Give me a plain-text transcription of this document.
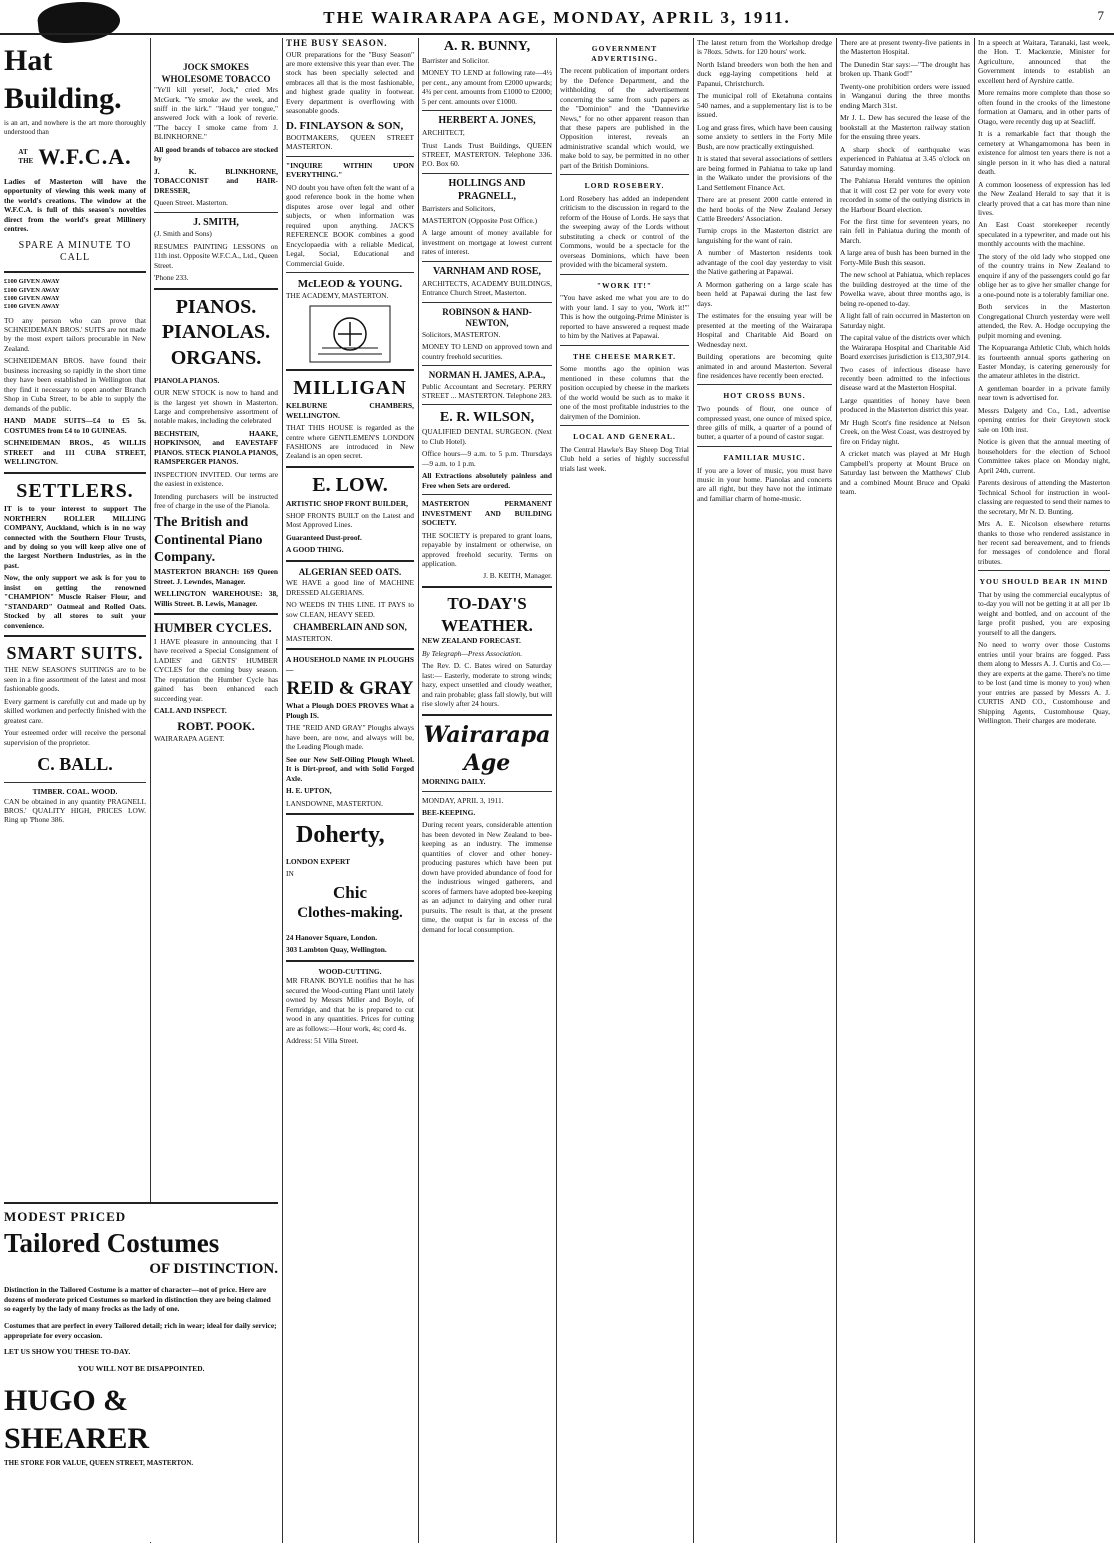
THE WAIRARAPA AGE, MONDAY, APRIL 3, 1911.	7
Hat Building.

is an art, and nowhere is the art more thoroughly understood than

AT THE W.F.C.A.

Ladies of Masterton will have the opportunity of viewing this week many of the world's creations. The window at the W.F.C.A. is full of this season's novelties direct from the world's great Millinery centres.

SPARE A MINUTE TO CALL
£100 GIVEN AWAY
£100 GIVEN AWAY
£100 GIVEN AWAY
£100 GIVEN AWAY

TO any person who can prove that SCHNEIDEMAN BROS.' SUITS are not made by the most expert tailors procurable in New Zealand.

SCHNEIDEMAN BROS. have found their business increasing so rapidly in the short time they have been established in Wellington that they find it necessary to open another Branch Shop in Cuba Street, to be able to supply the demands of the public.

HAND MADE SUITS—£4 to £5 5s. COSTUMES from £4 to 10 GUINEAS.

SCHNEIDEMAN BROS., 45 WILLIS STREET and 111 CUBA STREET, WELLINGTON.

SETTLERS.

IT is to your interest to support The NORTHERN ROLLER MILLING COMPANY, Auckland, which is in no way connected with the Southern Flour Trusts, and by doing so you will keep alive one of the largest Northern Industries, as in the past.

Now, the only support we ask is for you to insist on getting the renowned "CHAMPION" Muscle Raiser Flour, and "STANDARD" Oatmeal and Rolled Oats. Stocked by all stores to suit your convenience.

SMART SUITS.

THE NEW SEASON'S SUITINGS are to be seen in a fine assortment of the latest and most fashionable goods.

Every garment is carefully cut and made up by skilled workmen and perfectly finished with the greatest care.

Your esteemed order will receive the personal supervision of the proprietor.

C. BALL.
TIMBER. COAL. WOOD.

CAN be obtained in any quantity PRAGNELL BROS.' QUALITY HIGH, PRICES LOW. Ring up 'Phone 386.

MODEST PRICED
Tailored Costumes
OF DISTINCTION.

Distinction in the Tailored Costume is a matter of character—not of price. Here are dozens of moderate priced Costumes so marked in distinction they are being claimed so eagerly by the lady of many frocks as the lady of one.

Costumes that are perfect in every Tailored detail; rich in wear; ideal for daily service; appropriate for every occasion.

LET US SHOW YOU THESE TO-DAY.

YOU WILL NOT BE DISAPPOINTED.

HUGO & SHEARER
THE STORE FOR VALUE, QUEEN STREET, MASTERTON.
JOCK SMOKES WHOLESOME TOBACCO

"Ye'll kill yersel', Jock," cried Mrs McGurk. "Ye smoke aw the week, and sniff in the kirk." "Haud yer tongue," answered Jock with a look of reverie. "The baccy I smoke came from J. BLINKHORNE."

All good brands of tobacco are stocked by

J. K. BLINKHORNE, TOBACCONIST and HAIR-DRESSER,

Queen Street. Masterton.

J. SMITH,

(J. Smith and Sons)

RESUMES PAINTING LESSONS on 11th inst. Opposite W.F.C.A., Ltd., Queen Street.

'Phone 233.

PIANOS.
PIANOLAS.
ORGANS.

PIANOLA PIANOS.

OUR NEW STOCK is now to hand and is the largest yet shown in Masterton. Large and comprehensive assortment of notable makes, including the celebrated

BECHSTEIN, HAAKE, HOPKINSON, and EAVESTAFF PIANOS. STECK PIANOLA PIANOS, RAMSPERGER PIANOS.

INSPECTION INVITED. Our terms are the easiest in existence.

Intending purchasers will be instructed free of charge in the use of the Pianola.

The British and Continental Piano Company.

MASTERTON BRANCH: 169 Queen Street. J. Lewndes, Manager.

WELLINGTON WAREHOUSE: 38, Willis Street. B. Lewis, Manager.

HUMBER CYCLES.

I HAVE pleasure in announcing that I have received a Special Consignment of LADIES' and GENTS' HUMBER CYCLES for the coming busy season. The reputation the Humber Cycle has gained has been enhanced each succeeding year.

CALL AND INSPECT.

ROBT. POOK.

WAIRARAPA AGENT.

THE BUSY SEASON.

OUR preparations for the "Busy Season" are more extensive this year than ever. The stock has been specially selected and embraces all that is the most fashionable, and highest grade quality in footwear. Every department is overflowing with seasonable goods.

D. FINLAYSON & SON,

BOOTMAKERS, QUEEN STREET MASTERTON.

"INQUIRE WITHIN UPON EVERYTHING."

NO doubt you have often felt the want of a good reference book in the home when disputes arose over legal and other subjects, or when information was required upon anything. JACK'S REFERENCE BOOK combines a good Encyclopaedia with a reliable Medical, Legal, Social, Educational and Commercial Guide.

McLEOD & YOUNG.

THE ACADEMY, MASTERTON.

MILLIGAN

KELBURNE CHAMBERS, WELLINGTON.

THAT THIS HOUSE is regarded as the centre where GENTLEMEN'S LONDON FASHIONS are introduced in New Zealand is an open secret.

E. LOW.

ARTISTIC SHOP FRONT BUILDER,

SHOP FRONTS BUILT on the Latest and Most Approved Lines.

Guaranteed Dust-proof.

A GOOD THING.

ALGERIAN SEED OATS.

WE HAVE a good line of MACHINE DRESSED ALGERIANS.

NO WEEDS IN THIS LINE. IT PAYS to sow CLEAN, HEAVY SEED.

CHAMBERLAIN AND SON,

MASTERTON.

A HOUSEHOLD NAME IN PLOUGHS—

REID & GRAY

What a Plough DOES PROVES What a Plough IS.

THE "REID AND GRAY" Ploughs always have been, are now, and always will be, the Leading Plough made.

See our New Self-Oiling Plough Wheel. It is Dirt-proof, and with Solid Forged Axle.

H. E. UPTON,

LANSDOWNE, MASTERTON.

Doherty,

LONDON EXPERT

IN

Chic
Clothes-making.

24 Hanover Square, London.

303 Lambton Quay, Wellington.

WOOD-CUTTING.

MR FRANK BOYLE notifies that he has secured the Wood-cutting Plant until lately owned by Messrs Miller and Boyle, of Fernridge, and that he is prepared to cut wood in any quantities. Prices for cutting are as follows:—Hour work, 4s; cord 4s.

Address: 51 Villa Street.

A. R. BUNNY,

Barrister and Solicitor.

MONEY TO LEND at following rate—4½ per cent., any amount from £2000 upwards; 4¾ per cent. amounts from £1000 to £2000; 5 per cent. amounts over £1000.

HERBERT A. JONES,

ARCHITECT,

Trust Lands Trust Buildings, QUEEN STREET, MASTERTON. Telephone 336. P.O. Box 60.

HOLLINGS AND PRAGNELL,

Barristers and Solicitors,

MASTERTON (Opposite Post Office.)

A large amount of money available for investment on mortgage at lowest current rates of interest.

VARNHAM AND ROSE,

ARCHITECTS, ACADEMY BUILDINGS, Entrance Church Street, Masterton.

ROBINSON & HAND-NEWTON,

Solicitors, MASTERTON.

MONEY TO LEND on approved town and country freehold securities.

NORMAN H. JAMES, A.P.A.,

Public Accountant and Secretary. PERRY STREET ... MASTERTON. Telephone 283.

E. R. WILSON,

QUALIFIED DENTAL SURGEON. (Next to Club Hotel).

Office hours—9 a.m. to 5 p.m. Thursdays—9 a.m. to 1 p.m.

All Extractions absolutely painless and Free when Sets are ordered.

MASTERTON PERMANENT INVESTMENT AND BUILDING SOCIETY.

THE SOCIETY is prepared to grant loans, repayable by instalment or otherwise, on approved freehold security. Terms on application.

J. B. KEITH, Manager.

TO-DAY'S WEATHER.

NEW ZEALAND FORECAST.

By Telegraph—Press Association.

The Rev. D. C. Bates wired on Saturday last:— Easterly, moderate to strong winds; hazy, expect unsettled and cloudy weather, and rain probable; glass fall slowly, but will rise slowly after 24 hours.

Wairarapa Age

MORNING DAILY.

MONDAY, APRIL 3, 1911.

BEE-KEEPING.

During recent years, considerable attention has been devoted in New Zealand to bee-keeping as an industry. The immense quantities of clover and other honey-producing pastures which have been put down have provided abundance of food for the industrious winged gatherers, and scores of farmers have adopted bee-keeping as an adjunct to dairying and other rural pursuits. The result is that, at the present time, the output is far in excess of the demand for local consumption.

GOVERNMENT ADVERTISING.

The recent publication of important orders by the Defence Department, and the withholding of the advertisement concerning the same from such papers as the "Dominion" and the "Dannevirke News," for no other apparent reason than that these papers are published in the Opposition interest, reveals an administrative scandal which would, we make bold to say, be permitted in no other part of the British Dominions.

LORD ROSEBERY.

Lord Rosebery has added an independent criticism to the discussion in regard to the reform of the House of Lords. He says that the sweeping away of the Lords without substituting a check or control of the Commons, would be a spectacle for the overseas Dominions, which have been provided with the bicameral system.

"WORK IT!"

"You have asked me what you are to do with your land. I say to you, 'Work it!'" This is how the outgoing-Prime Minister is reported to have answered a request made to him by the Natives at Papawai.

THE CHEESE MARKET.

Some months ago the opinion was mentioned in these columns that the position occupied by cheese in the markets of the world would be such as to make it one of the most profitable industries to the dairymen of the Dominion.

LOCAL AND GENERAL.

The Central Hawke's Bay Sheep Dog Trial Club held a series of highly successful trials last week.

The latest return from the Workshop dredge is 78ozs. 5dwts. for 120 hours' work.

North Island breeders won both the hen and duck egg-laying competitions held at Papanui, Christchurch.

The municipal roll of Eketahuna contains 540 names, and a supplementary list is to be issued.

Log and grass fires, which have been causing some anxiety to settlers in the Forty Mile Bush, are now practically extinguished.

It is stated that several associations of settlers are being formed in Pahiatua to take up land in the Waikato under the provisions of the Land Settlement Finance Act.

There are at present 2000 cattle entered in the herd books of the New Zealand Jersey Cattle Breeders' Association.

Turnip crops in the Masterton district are languishing for the want of rain.

A number of Masterton residents took advantage of the cool day yesterday to visit the Native gathering at Papawai.

A Mormon gathering on a large scale has been held at Papawai during the last few days.

The estimates for the ensuing year will be presented at the meeting of the Wairarapa Hospital and Charitable Aid Board on Wednesday next.

Building operations are becoming quite animated in and around Masterton. Several fine residences have recently been erected.

HOT CROSS BUNS.

Two pounds of flour, one ounce of compressed yeast, one ounce of mixed spice, three gills of milk, a quarter of a pound of butter, a quarter of a pound of castor sugar.

FAMILIAR MUSIC.

If you are a lover of music, you must have music in your home. Pianolas and concerts are all right, but they have not the intimate and familiar charm of home-music.

There are at present twenty-five patients in the Masterton Hospital.

The Dunedin Star says:—"The drought has broken up. Thank God!"

Twenty-one prohibition orders were issued in Wanganui during the three months ending March 31st.

Mr J. L. Dew has secured the lease of the bookstall at the Masterton railway station for the ensuing three years.

A sharp shock of earthquake was experienced in Pahiatua at 3.45 o'clock on Saturday morning.

The Pahiatua Herald ventures the opinion that it will cost £2 per vote for every vote recorded in some of the outlying districts in the Harbour Board election.

For the first time for seventeen years, no rain fell in Pahiatua during the month of March.

A large area of bush has been burned in the Forty-Mile Bush this season.

The new school at Pahiatua, which replaces the building destroyed at the time of the Powelka wave, about three months ago, is being re-opened to-day.

A light fall of rain occurred in Masterton on Saturday night.

The capital value of the districts over which the Wairarapa Hospital and Charitable Aid Board exercises jurisdiction is £13,307,914.

Two cases of infectious disease have recently been admitted to the infectious disease ward at the Masterton Hospital.

Large quantities of honey have been produced in the Masterton district this year.

Mr Hugh Scott's fine residence at Nelson Creek, on the West Coast, was destroyed by fire on Friday night.

A cricket match was played at Mr Hugh Campbell's property at Mount Bruce on Saturday last between the Matthews' Club and a combined Mount Bruce and Opaki team.

In a speech at Waitara, Taranaki, last week, the Hon. T. Mackenzie, Minister for Agriculture, announced that the Government intends to establish an excellent herd of Ayrshire cattle.

More remains more complete than those so often found in the crooks of the limestone formation at Oamaru, and in other parts of Otago, were recently dug up at Seacliff.

It is a remarkable fact that though the cemetery at Whangamomona has been in existence for almost ten years there is not a single person in it who has died a natural death.

A common looseness of expression has led the New Zealand Herald to say that it is clearly proved that a cat has more than nine lives.

An East Coast storekeeper recently speculated in a typewriter, and made out his monthly accounts with the machine.

The story of the old lady who stopped one of the country trains in New Zealand to enquire if any of the passengers could go far oblige her as to give her smaller change for a one-pound note is a tolerably familiar one.

Both services in the Masterton Congregational Church yesterday were well attended, the Rev. A. Hodge occupying the pulpit morning and evening.

The Kopuaranga Athletic Club, which holds its fourteenth annual sports gathering on Easter Monday, is catering generously for the amateur athletes in the district.

A gentleman boarder in a private family near town is advertised for.

Messrs Dalgety and Co., Ltd., advertise opening entries for their Greytown stock sale on 10th inst.

Notice is given that the annual meeting of householders for the election of School Committee takes place on Monday night, April 24th, current.

Parents desirous of attending the Masterton Technical School for instruction in wool-classing are requested to send their names to the secretary, Mr N. D. Bunting.

Mrs A. E. Nicolson elsewhere returns thanks to those who rendered assistance in her recent sad bereavement, and to friends for messages of condolence and floral tributes.

YOU SHOULD BEAR IN MIND

That by using the commercial eucalyptus of to-day you will not be getting it at all per 1b weight and bottled, and on account of the large profit pushed, you are exposing yourself to all the dangers.

No need to worry over those Customs entries until your brains are fogged. Pass them along to Messrs A. J. Curtis and Co.—they are experts at the game. There's no time to be lost (and time is money to you) when your entries are passed by Messrs A. J. CURTIS AND CO., Customhouse and Shipping Agents, Customhouse Quay, Wellington. Their charges are moderate.
